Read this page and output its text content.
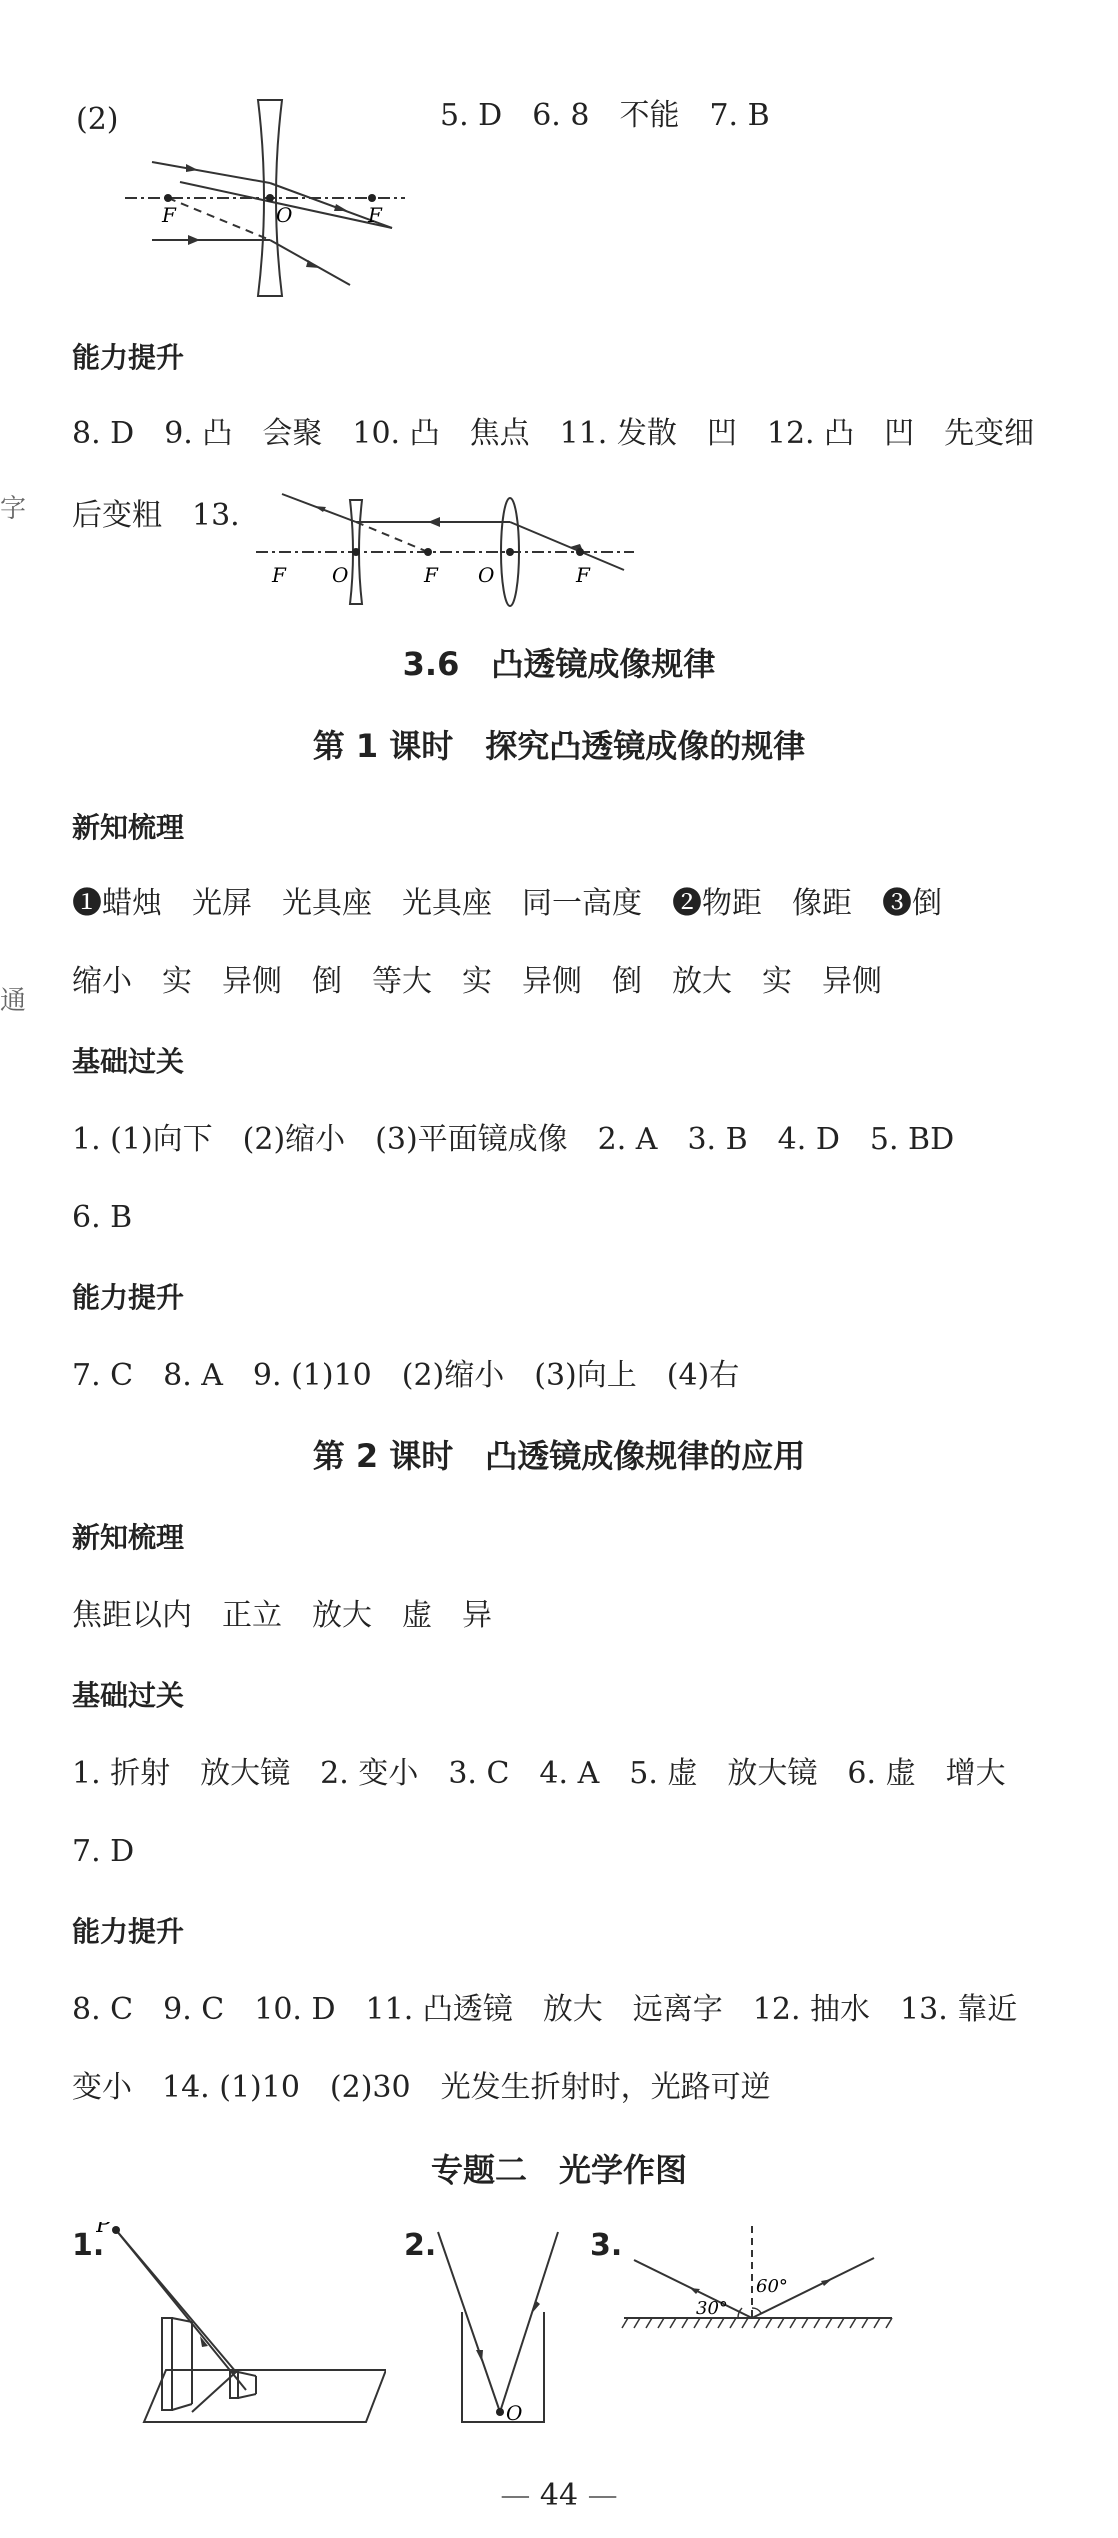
(2)
F	O	F
5. D　6. 8　不能　7. B
能力提升
8. D　9. 凸　会聚　10. 凸　焦点　11. 发散　凹　12. 凸　凹　先变细
后变粗　13.
F O	F O	F
3.6　凸透镜成像规律
第 1 课时　探究凸透镜成像的规律
新知梳理
❶蜡烛　光屏　光具座　光具座　同一高度　❷物距　像距　❸倒
缩小　实　异侧　倒　等大　实　异侧　倒　放大　实　异侧
基础过关
1. (1)向下　(2)缩小　(3)平面镜成像　2. A　3. B　4. D　5. BD
6. B
能力提升
7. C　8. A　9. (1)10　(2)缩小　(3)向上　(4)右
第 2 课时　凸透镜成像规律的应用
新知梳理
焦距以内　正立　放大　虚　异
基础过关
1. 折射　放大镜　2. 变小　3. C　4. A　5. 虚　放大镜　6. 虚　增大
7. D
能力提升
8. C　9. C　10. D　11. 凸透镜　放大　远离字　12. 抽水　13. 靠近
变小　14. (1)10　(2)30　光发生折射时，光路可逆
专题二　光学作图
1.
P
2.
O
3.
30°
60°
— 44 —
字
通
